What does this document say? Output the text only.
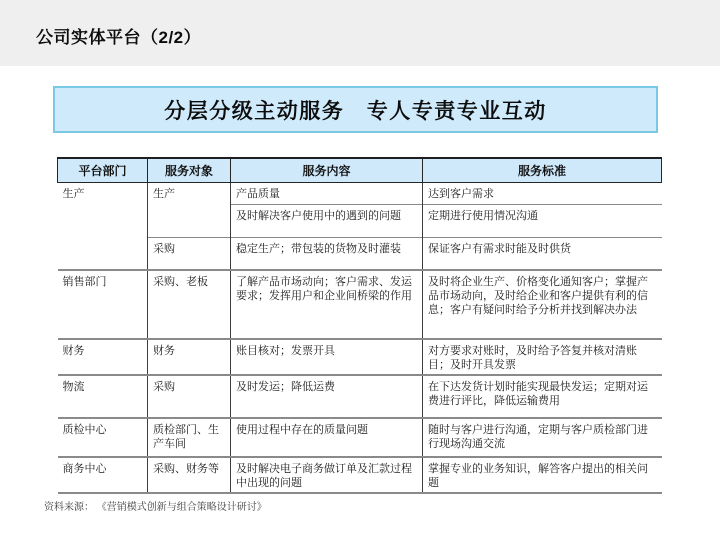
公司实体平台（2/2）
分层分级主动服务　专人专责专业互动
平台部门	服务对象	服务内容	服务标准
生产	生产	产品质量	达到客户需求
		及时解决客户使用中的遇到的问题	定期进行使用情况沟通
	采购	稳定生产；带包装的货物及时灌装	保证客户有需求时能及时供货
销售部门	采购、老板	了解产品市场动向；客户需求、发运要求；发挥用户和企业间桥梁的作用	及时将企业生产、价格变化通知客户；掌握产品市场动向，及时给企业和客户提供有利的信息；客户有疑问时给予分析并找到解决办法
财务	财务	账目核对；发票开具	对方要求对账时，及时给予答复并核对清账目；及时开具发票
物流	采购	及时发运；降低运费	在下达发货计划时能实现最快发运；定期对运费进行评比，降低运输费用
质检中心	质检部门、生产车间	使用过程中存在的质量问题	随时与客户进行沟通，定期与客户质检部门进行现场沟通交流
商务中心	采购、财务等	及时解决电子商务做订单及汇款过程中出现的问题	掌握专业的业务知识，解答客户提出的相关问题
资料来源： 《营销模式创新与组合策略设计研讨》
